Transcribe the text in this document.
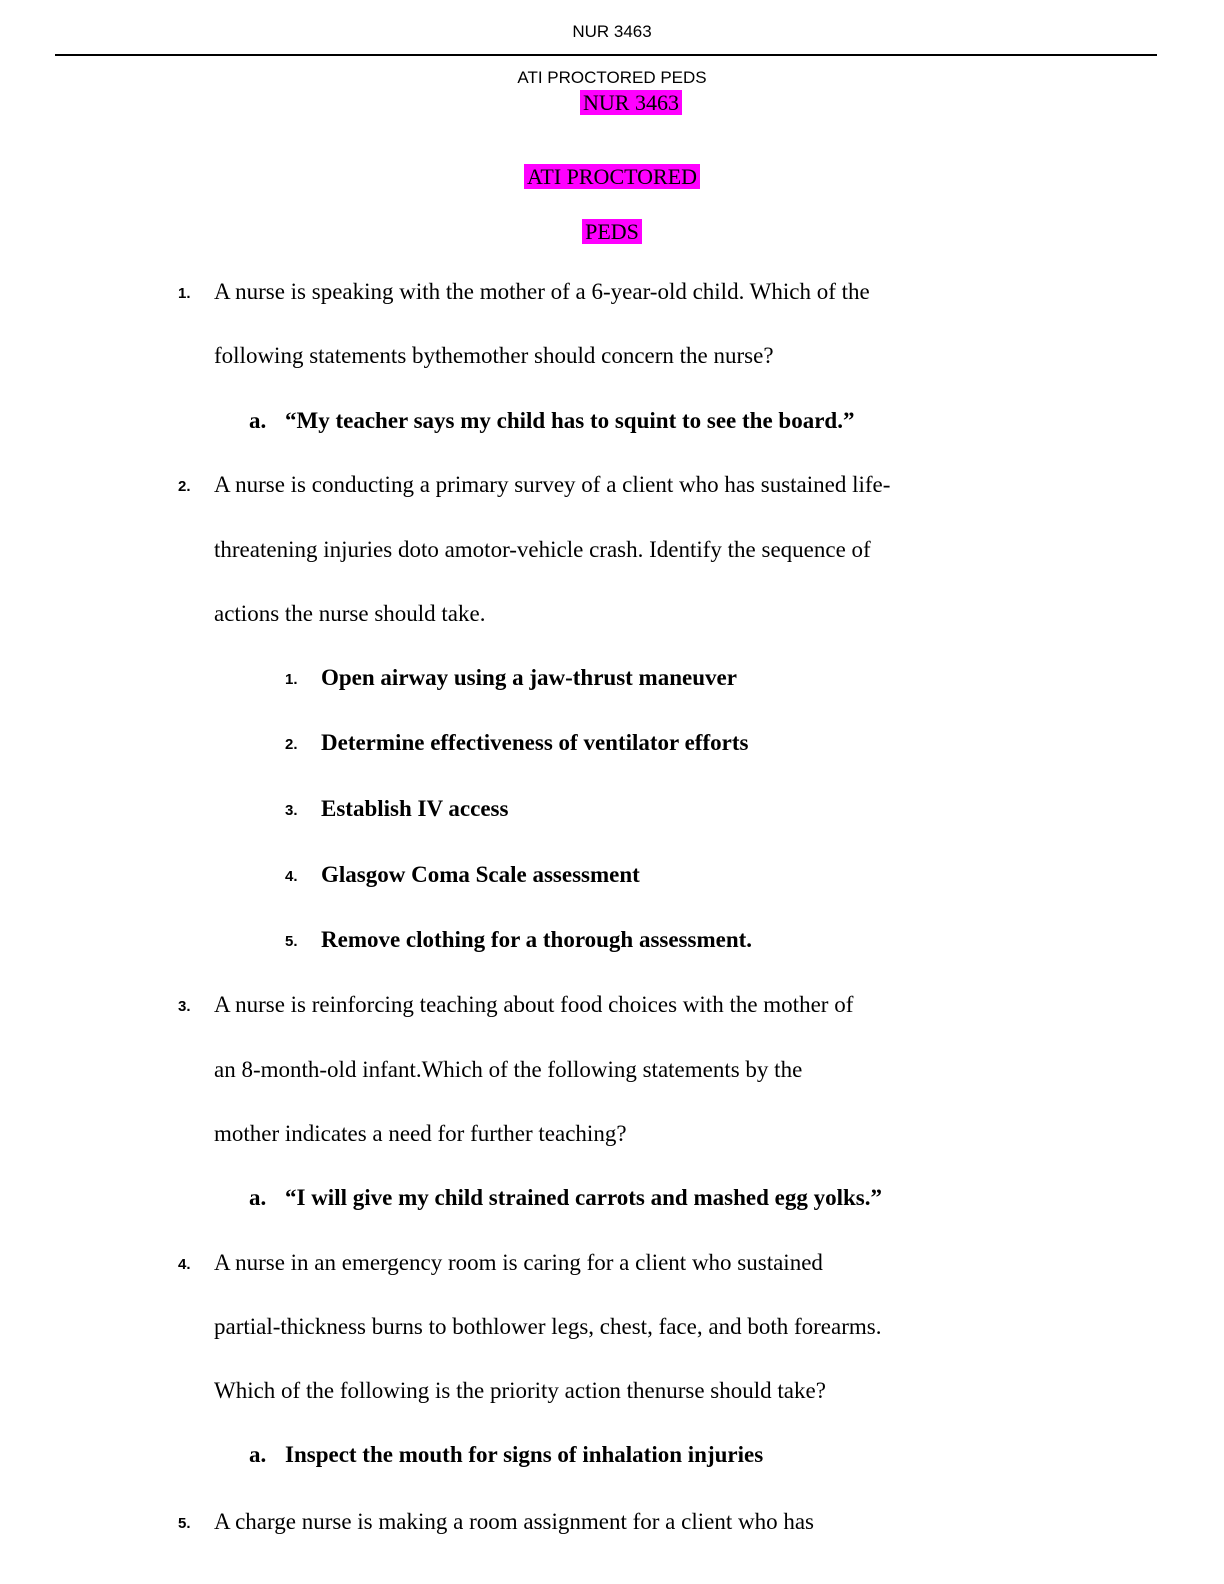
NUR 3463
ATI PROCTORED PEDS
NUR 3463
ATI PROCTORED
PEDS
1. A nurse is speaking with the mother of a 6-year-old child. Which of the
following statements bythemother should concern the nurse?
a. “My teacher says my child has to squint to see the board.”
2. A nurse is conducting a primary survey of a client who has sustained life-
threatening injuries doto amotor-vehicle crash. Identify the sequence of
actions the nurse should take.
1. Open airway using a jaw-thrust maneuver
2. Determine effectiveness of ventilator efforts
3. Establish IV access
4. Glasgow Coma Scale assessment
5. Remove clothing for a thorough assessment.
3. A nurse is reinforcing teaching about food choices with the mother of
an 8-month-old infant.Which of the following statements by the
mother indicates a need for further teaching?
a. “I will give my child strained carrots and mashed egg yolks.”
4. A nurse in an emergency room is caring for a client who sustained
partial-thickness burns to bothlower legs, chest, face, and both forearms.
Which of the following is the priority action thenurse should take?
a. Inspect the mouth for signs of inhalation injuries
5. A charge nurse is making a room assignment for a client who has
